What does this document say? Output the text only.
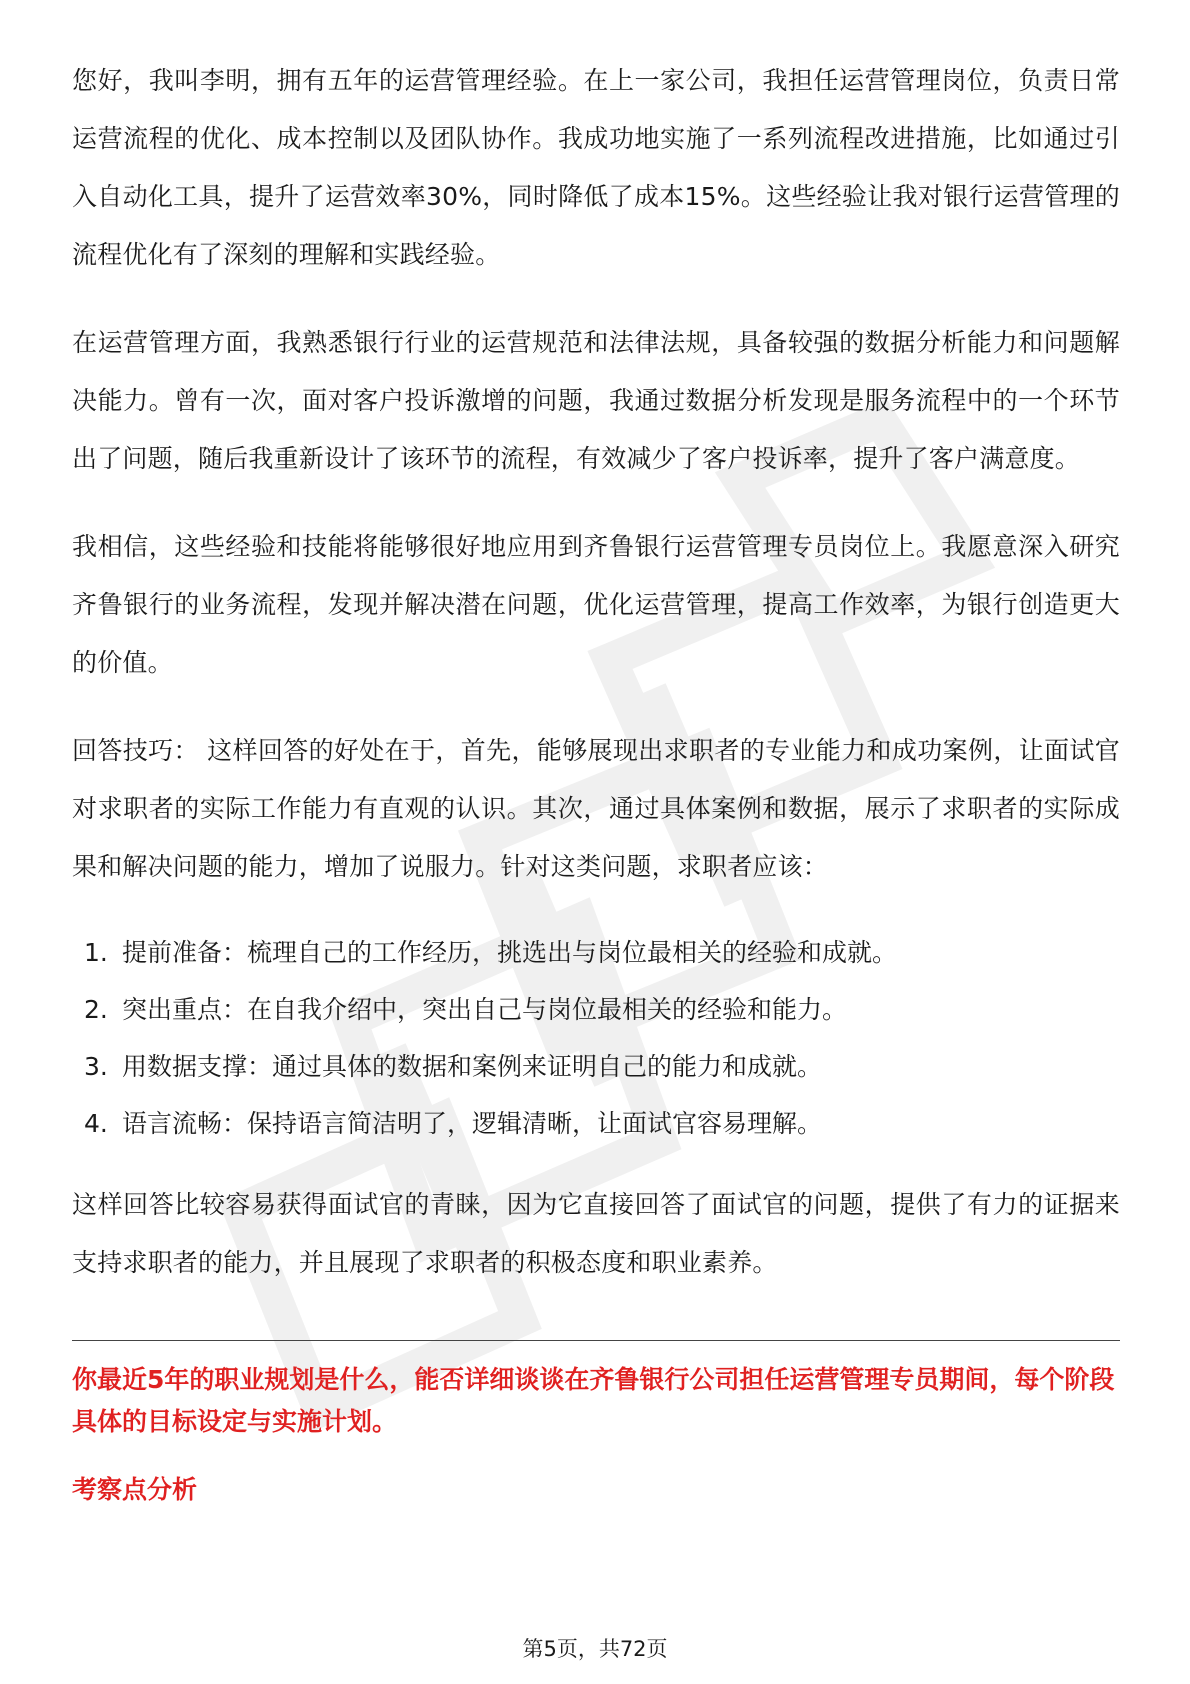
您好，我叫李明，拥有五年的运营管理经验。在上一家公司，我担任运营管理岗位，负责日常运营流程的优化、成本控制以及团队协作。我成功地实施了一系列流程改进措施，比如通过引入自动化工具，提升了运营效率30%，同时降低了成本15%。这些经验让我对银行运营管理的流程优化有了深刻的理解和实践经验。

在运营管理方面，我熟悉银行行业的运营规范和法律法规，具备较强的数据分析能力和问题解决能力。曾有一次，面对客户投诉激增的问题，我通过数据分析发现是服务流程中的一个环节出了问题，随后我重新设计了该环节的流程，有效减少了客户投诉率，提升了客户满意度。

我相信，这些经验和技能将能够很好地应用到齐鲁银行运营管理专员岗位上。我愿意深入研究齐鲁银行的业务流程，发现并解决潜在问题，优化运营管理，提高工作效率，为银行创造更大的价值。

回答技巧： 这样回答的好处在于，首先，能够展现出求职者的专业能力和成功案例，让面试官对求职者的实际工作能力有直观的认识。其次，通过具体案例和数据，展示了求职者的实际成果和解决问题的能力，增加了说服力。针对这类问题，求职者应该：

1. 提前准备：梳理自己的工作经历，挑选出与岗位最相关的经验和成就。
2. 突出重点：在自我介绍中，突出自己与岗位最相关的经验和能力。
3. 用数据支撑：通过具体的数据和案例来证明自己的能力和成就。
4. 语言流畅：保持语言简洁明了，逻辑清晰，让面试官容易理解。

这样回答比较容易获得面试官的青睐，因为它直接回答了面试官的问题，提供了有力的证据来支持求职者的能力，并且展现了求职者的积极态度和职业素养。

你最近5年的职业规划是什么，能否详细谈谈在齐鲁银行公司担任运营管理专员期间，每个阶段具体的目标设定与实施计划。

考察点分析

第5页，共72页
